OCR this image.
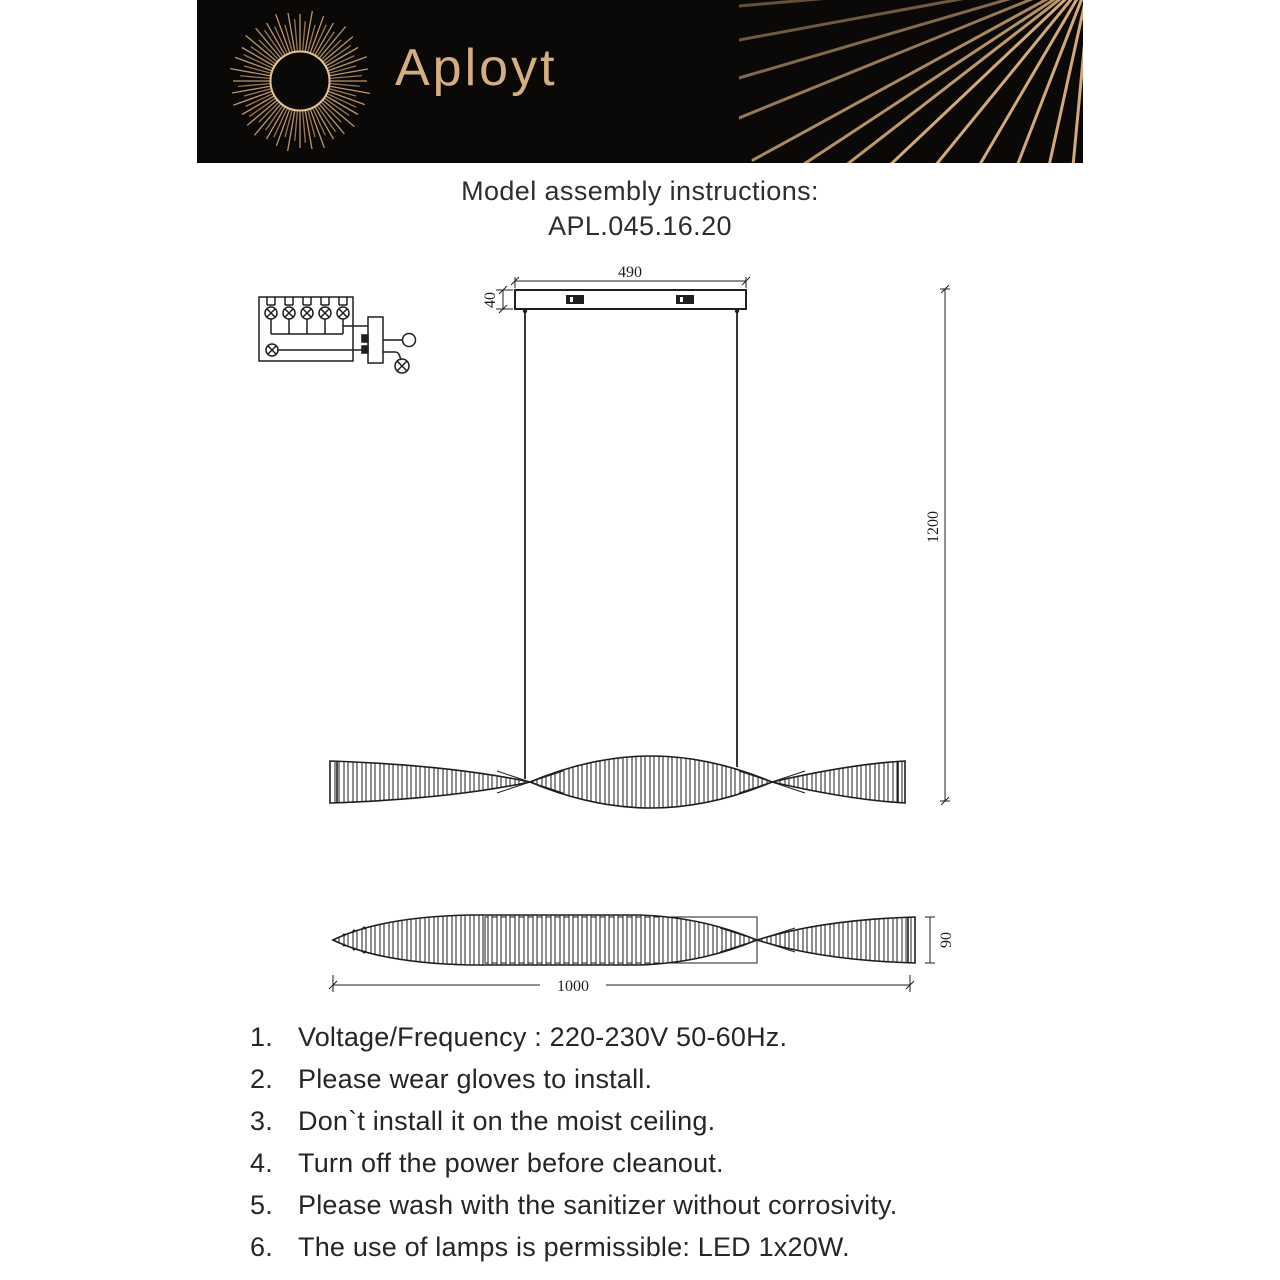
Aployt
Model assembly instructions:
APL.045.16.20
490
40
1200
90
1000
1. Voltage/Frequency : 220-230V 50-60Hz.
2. Please wear gloves to install.
3. Don`t install it on the moist ceiling.
4. Turn off the power before cleanout.
5. Please wash with the sanitizer without corrosivity.
6. The use of lamps is permissible: LED 1x20W.
